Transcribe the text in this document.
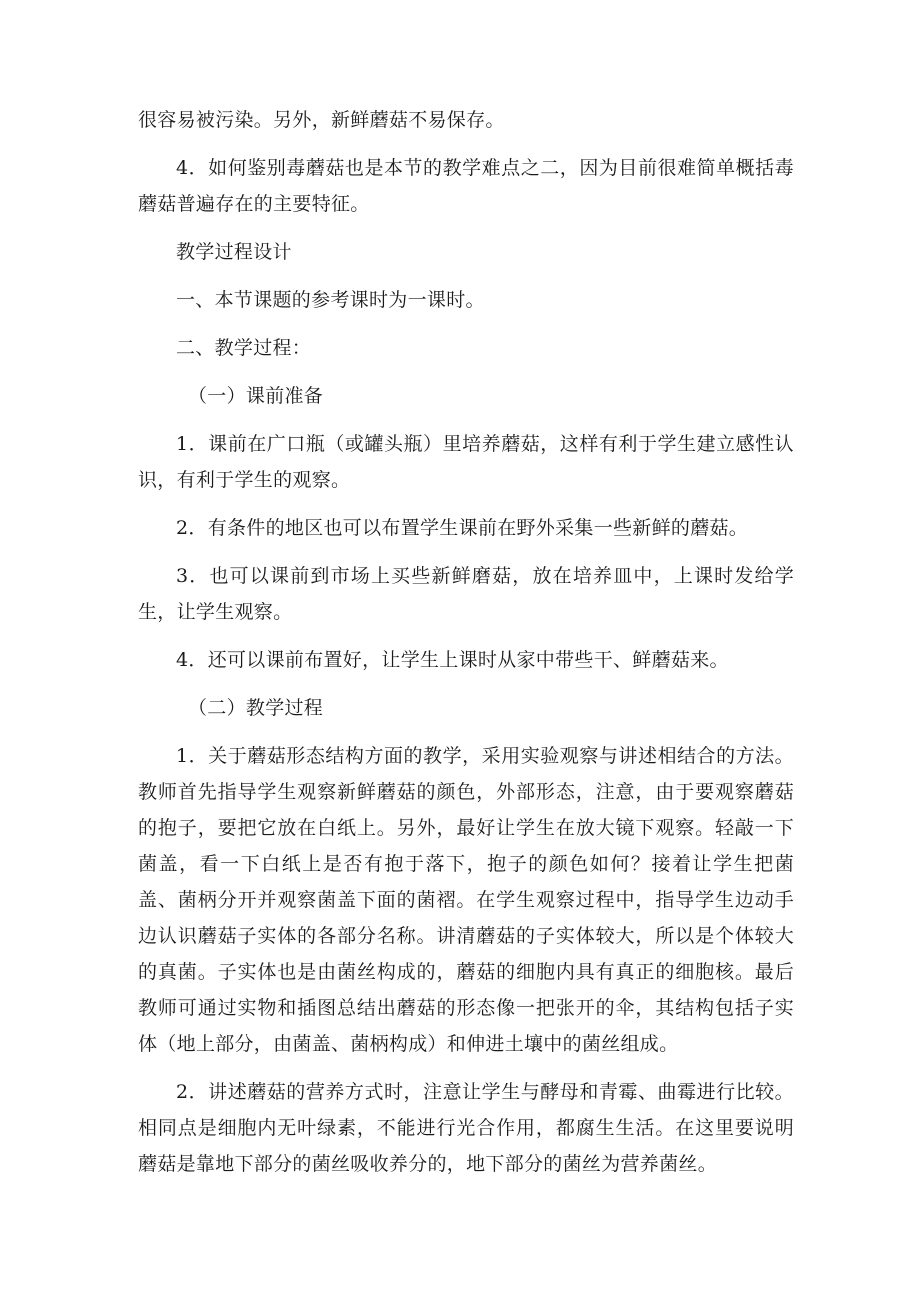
很容易被污染。另外，新鲜蘑菇不易保存。

4．如何鉴别毒蘑菇也是本节的教学难点之二，因为目前很难简单概括毒蘑菇普遍存在的主要特征。

教学过程设计

一、本节课题的参考课时为一课时。

二、教学过程：

（一）课前准备

1．课前在广口瓶（或罐头瓶）里培养蘑菇，这样有利于学生建立感性认识，有利于学生的观察。

2．有条件的地区也可以布置学生课前在野外采集一些新鲜的蘑菇。

3．也可以课前到市场上买些新鲜磨菇，放在培养皿中，上课时发给学生，让学生观察。

4．还可以课前布置好，让学生上课时从家中带些干、鲜蘑菇来。

（二）教学过程

1．关于蘑菇形态结构方面的教学，采用实验观察与讲述相结合的方法。教师首先指导学生观察新鲜蘑菇的颜色，外部形态，注意，由于要观察蘑菇的抱子，要把它放在白纸上。另外，最好让学生在放大镜下观察。轻敲一下菌盖，看一下白纸上是否有抱于落下，抱子的颜色如何？接着让学生把菌盖、菌柄分开并观察菌盖下面的菌褶。在学生观察过程中，指导学生边动手边认识蘑菇子实体的各部分名称。讲清蘑菇的子实体较大，所以是个体较大的真菌。子实体也是由菌丝构成的，蘑菇的细胞内具有真正的细胞核。最后教师可通过实物和插图总结出蘑菇的形态像一把张开的伞，其结构包括子实体（地上部分，由菌盖、菌柄构成）和伸进土壤中的菌丝组成。

2．讲述蘑菇的营养方式时，注意让学生与酵母和青霉、曲霉进行比较。相同点是细胞内无叶绿素，不能进行光合作用，都腐生生活。在这里要说明蘑菇是靠地下部分的菌丝吸收养分的，地下部分的菌丝为营养菌丝。
